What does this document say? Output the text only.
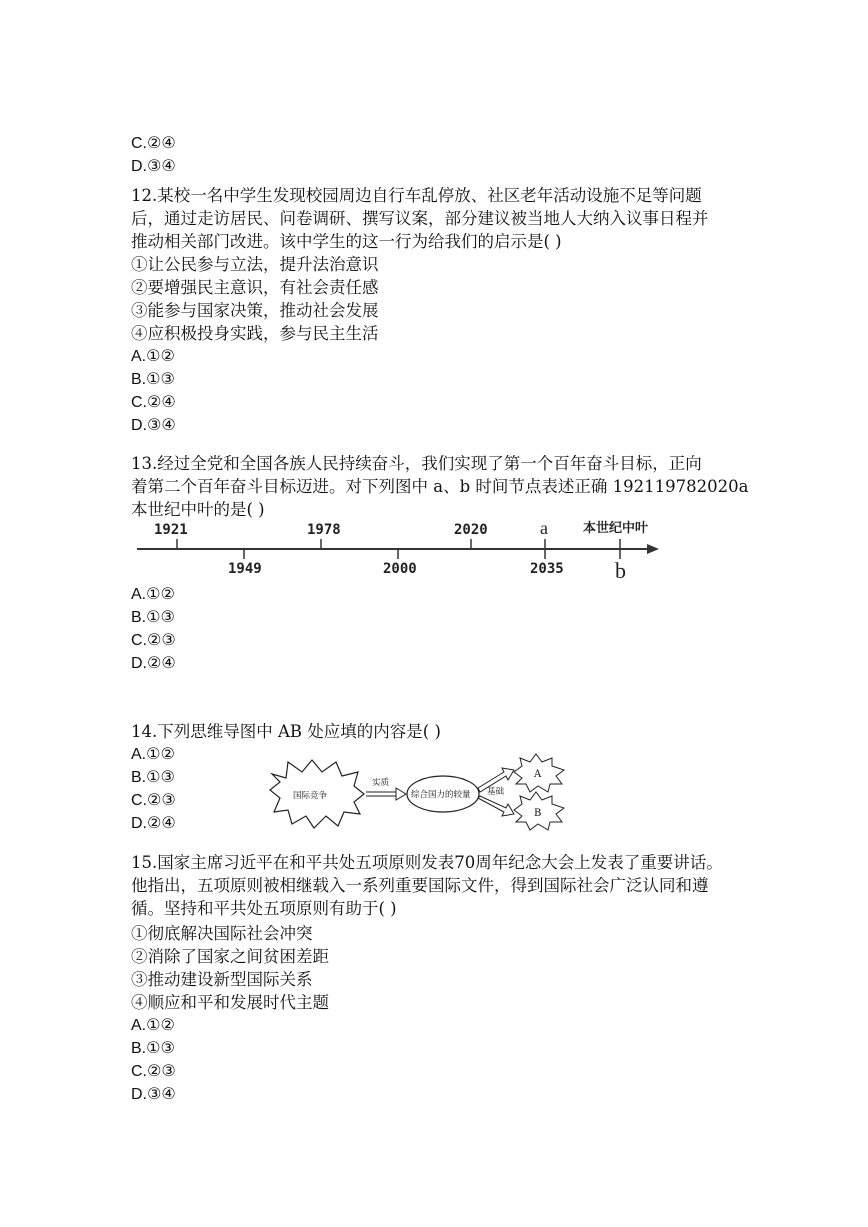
C.②④
D.③④
12.某校一名中学生发现校园周边自行车乱停放、社区老年活动设施不足等问题
后，通过走访居民、问卷调研、撰写议案，部分建议被当地人大纳入议事日程并
推动相关部门改进。该中学生的这一行为给我们的启示是( )
①让公民参与立法，提升法治意识
②要增强民主意识，有社会责任感
③能参与国家决策，推动社会发展
④应积极投身实践，参与民主生活
A.①②
B.①③
C.②④
D.③④
13.经过全党和全国各族人民持续奋斗，我们实现了第一个百年奋斗目标，正向
着第二个百年奋斗目标迈进。对下列图中 a、b 时间节点表述正确 192119782020a
本世纪中叶的是( )
1921	1978	2020	a	本世纪中叶
1949	2000	2035 b
A.①②
B.①③
C.②③
D.②④
14.下列思维导图中 AB 处应填的内容是( )
A.①②
B.①③
C.②③
D.②④
国际竞争
实质
综合国力的较量 基础
A
B
15.国家主席习近平在和平共处五项原则发表70周年纪念大会上发表了重要讲话。
他指出，五项原则被相继载入一系列重要国际文件，得到国际社会广泛认同和遵
循。坚持和平共处五项原则有助于( )
①彻底解决国际社会冲突
②消除了国家之间贫困差距
③推动建设新型国际关系
④顺应和平和发展时代主题
A.①②
B.①③
C.②③
D.③④
